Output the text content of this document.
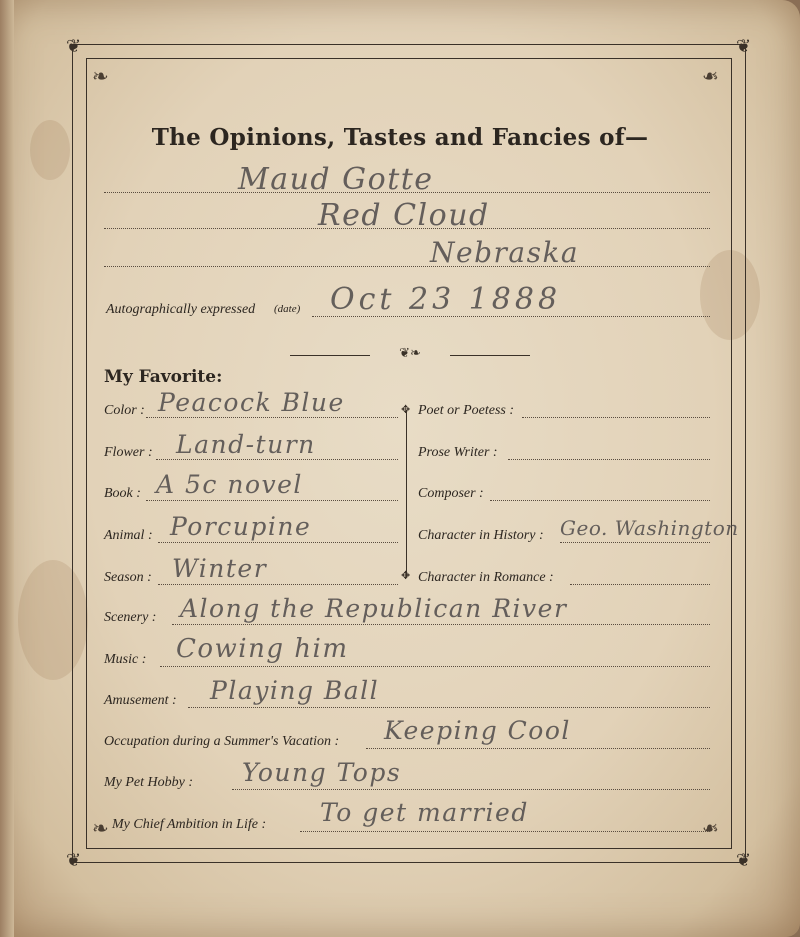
❦	❦
❦	❦
❧	❧
❧	❧
The Opinions, Tastes and Fancies of—
Maud Gotte
Red Cloud
Nebraska
Autographically expressed (date) Oct 23 1888
❦❧
My Favorite:
Color : Peacock Blue
Flower : Land-turn
Book : A 5c novel
Animal : Porcupine
Season : Winter
✥
✥
Poet or Poetess :
Prose Writer :
Composer :
Character in History : Geo. Washington
Character in Romance :
Scenery : Along the Republican River
Music : Cowing him
Amusement : Playing Ball
Occupation during a Summer's Vacation : Keeping Cool
My Pet Hobby : Young Tops
My Chief Ambition in Life : To get married
